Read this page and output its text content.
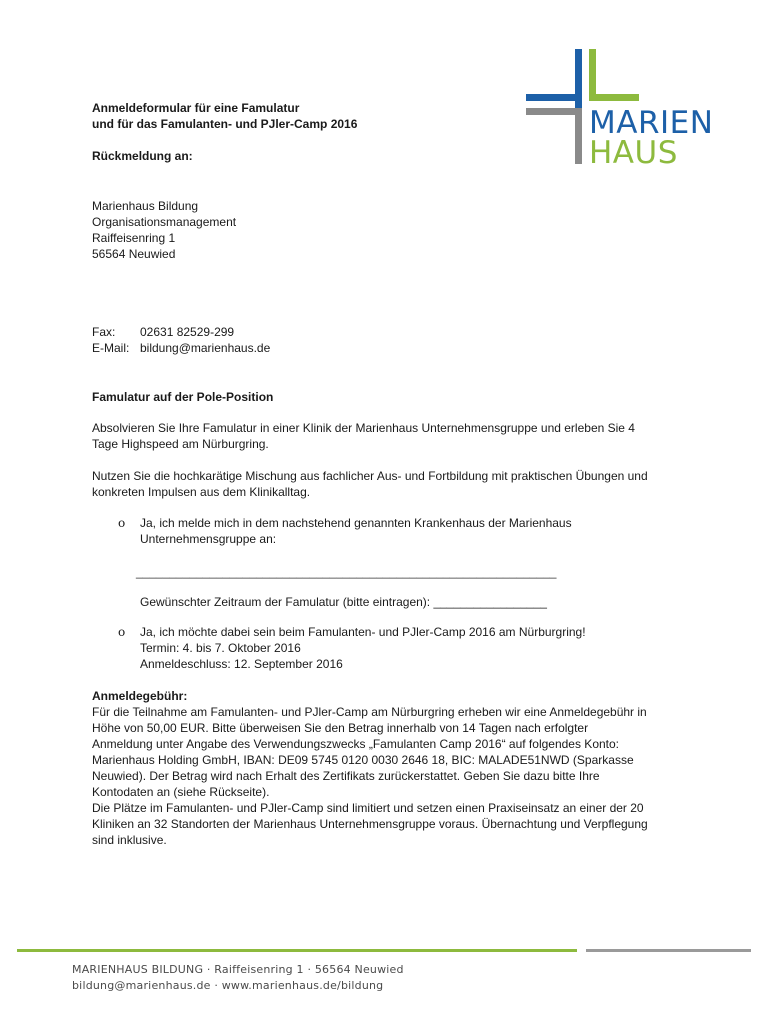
MARIEN
HAUS

Anmeldeformular für eine Famulatur

und für das Famulanten- und PJler-Camp 2016

Rückmeldung an:

Marienhaus Bildung

Organisationsmanagement

Raiffeisenring 1

56564 Neuwied

Fax: 02631 82529-299

E-Mail: bildung@marienhaus.de

Famulatur auf der Pole-Position

Absolvieren Sie Ihre Famulatur in einer Klinik der Marienhaus Unternehmensgruppe und erleben Sie 4

Tage Highspeed am Nürburgring.

Nutzen Sie die hochkarätige Mischung aus fachlicher Aus- und Fortbildung mit praktischen Übungen und

konkreten Impulsen aus dem Klinikalltag.

o Ja, ich melde mich in dem nachstehend genannten Krankenhaus der Marienhaus

Unternehmensgruppe an:
_______________________________________________________________
Gewünschter Zeitraum der Famulatur (bitte eintragen): _________________

o Ja, ich möchte dabei sein beim Famulanten- und PJler-Camp 2016 am Nürburgring!

Termin: 4. bis 7. Oktober 2016

Anmeldeschluss: 12. September 2016

Anmeldegebühr:

Für die Teilnahme am Famulanten- und PJler-Camp am Nürburgring erheben wir eine Anmeldegebühr in

Höhe von 50,00 EUR. Bitte überweisen Sie den Betrag innerhalb von 14 Tagen nach erfolgter

Anmeldung unter Angabe des Verwendungszwecks „Famulanten Camp 2016“ auf folgendes Konto:

Marienhaus Holding GmbH, IBAN: DE09 5745 0120 0030 2646 18, BIC: MALADE51NWD (Sparkasse

Neuwied). Der Betrag wird nach Erhalt des Zertifikats zurückerstattet. Geben Sie dazu bitte Ihre

Kontodaten an (siehe Rückseite).

Die Plätze im Famulanten- und PJler-Camp sind limitiert und setzen einen Praxiseinsatz an einer der 20

Kliniken an 32 Standorten der Marienhaus Unternehmensgruppe voraus. Übernachtung und Verpflegung

sind inklusive.

MARIENHAUS BILDUNG · Raiffeisenring 1 · 56564 Neuwied

bildung@marienhaus.de · www.marienhaus.de/bildung
